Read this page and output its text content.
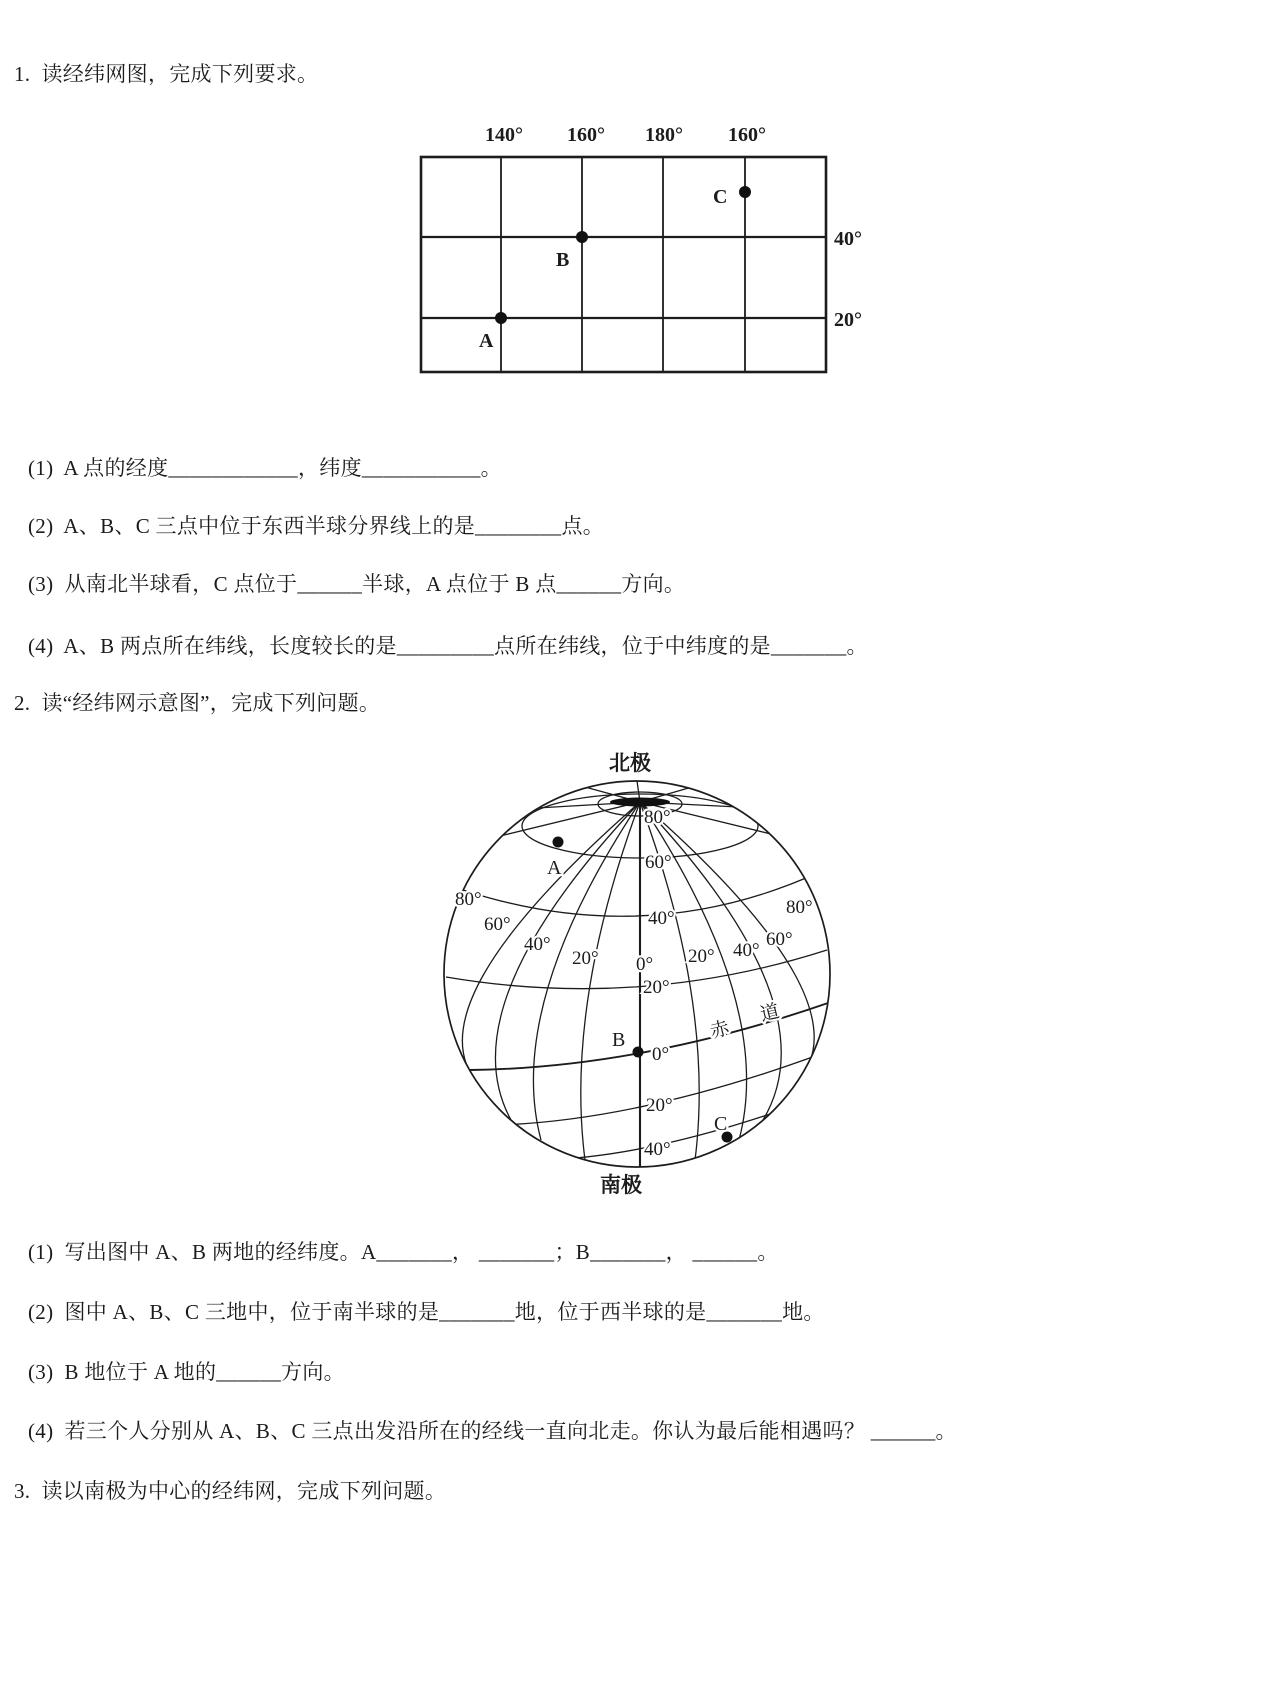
1.  读经纬网图，完成下列要求。
140° 160° 180° 160°
40°
20°
A
B
C
(1)  A 点的经度____________，纬度___________。
(2)  A、B、C 三点中位于东西半球分界线上的是________点。
(3)  从南北半球看，C 点位于______半球，A 点位于 B 点______方向。
(4)  A、B 两点所在纬线，长度较长的是_________点所在纬线，位于中纬度的是_______。
2.  读“经纬网示意图”，完成下列问题。
北极
南极
80°
60°
40°
20°
0°
20°
40°
80°
60°
40°
20° 0° 20° 40°
60°
80°
赤
道
A
B
C
(1)  写出图中 A、B 两地的经纬度。A_______， _______；B_______， ______。
(2)  图中 A、B、C 三地中，位于南半球的是_______地，位于西半球的是_______地。
(3)  B 地位于 A 地的______方向。
(4)  若三个人分别从 A、B、C 三点出发沿所在的经线一直向北走。你认为最后能相遇吗？ ______。
3.  读以南极为中心的经纬网，完成下列问题。
